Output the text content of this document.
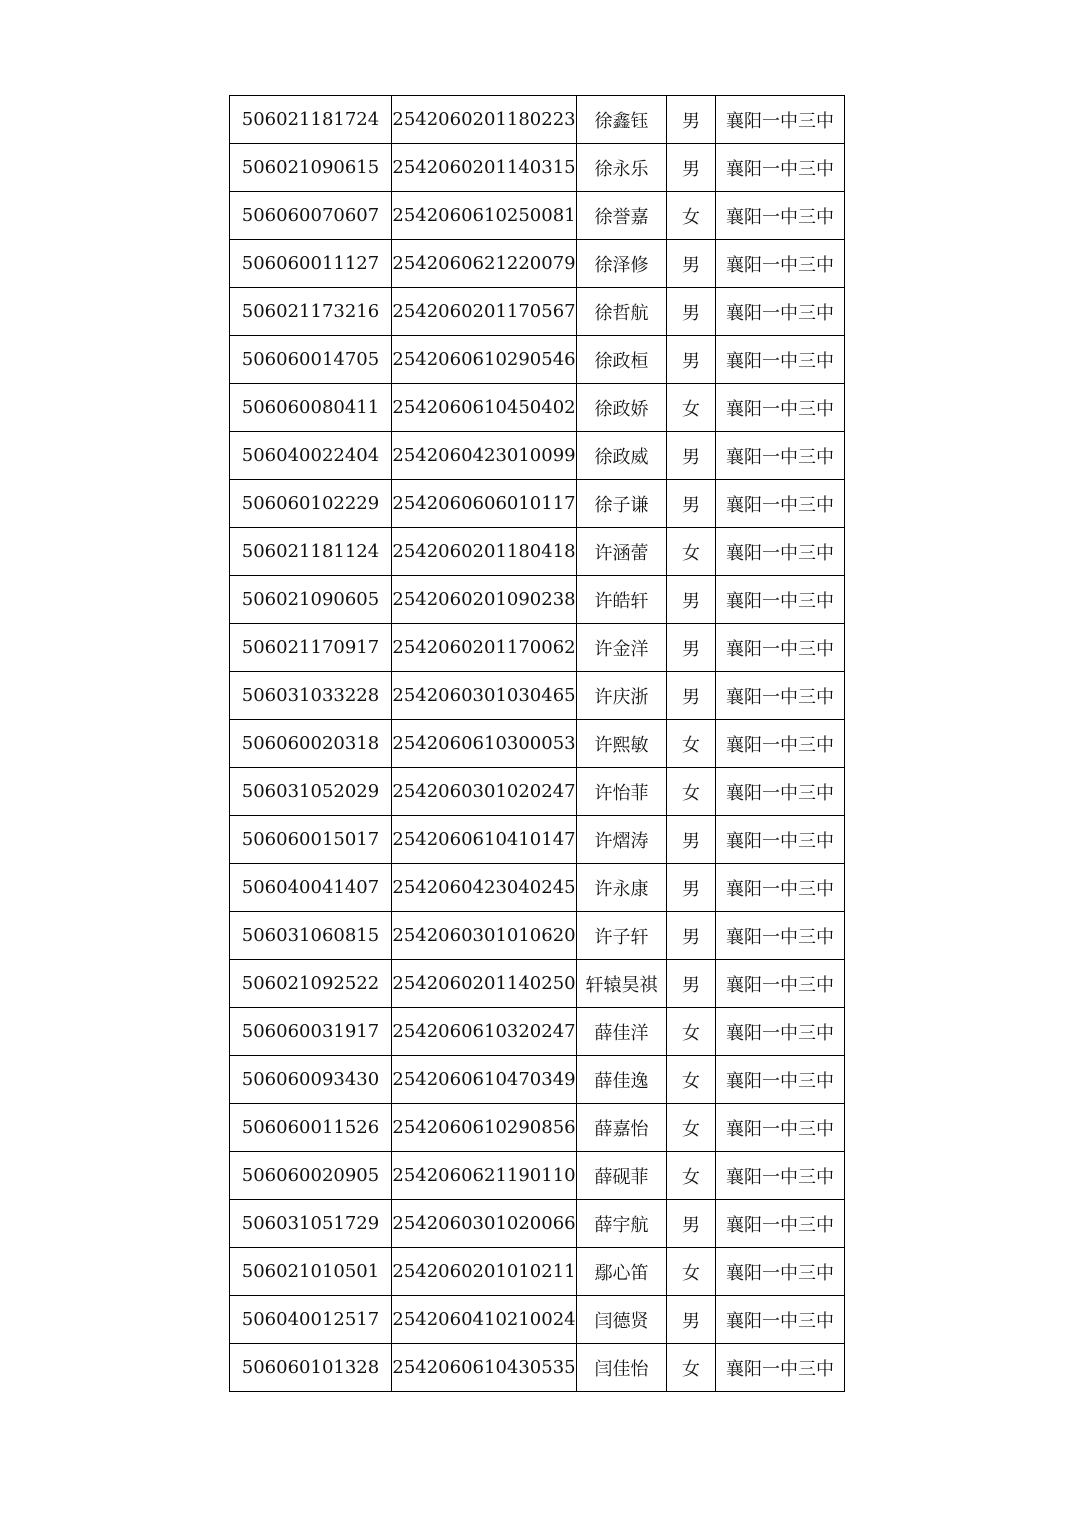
506021181724	2542060201180223	徐鑫钰	男	襄阳一中三中
506021090615	2542060201140315	徐永乐	男	襄阳一中三中
506060070607	2542060610250081	徐誉嘉	女	襄阳一中三中
506060011127	2542060621220079	徐泽修	男	襄阳一中三中
506021173216	2542060201170567	徐哲航	男	襄阳一中三中
506060014705	2542060610290546	徐政桓	男	襄阳一中三中
506060080411	2542060610450402	徐政娇	女	襄阳一中三中
506040022404	2542060423010099	徐政威	男	襄阳一中三中
506060102229	2542060606010117	徐子谦	男	襄阳一中三中
506021181124	2542060201180418	许涵蕾	女	襄阳一中三中
506021090605	2542060201090238	许皓轩	男	襄阳一中三中
506021170917	2542060201170062	许金洋	男	襄阳一中三中
506031033228	2542060301030465	许庆浙	男	襄阳一中三中
506060020318	2542060610300053	许熙敏	女	襄阳一中三中
506031052029	2542060301020247	许怡菲	女	襄阳一中三中
506060015017	2542060610410147	许熠涛	男	襄阳一中三中
506040041407	2542060423040245	许永康	男	襄阳一中三中
506031060815	2542060301010620	许子轩	男	襄阳一中三中
506021092522	2542060201140250	轩辕昊祺	男	襄阳一中三中
506060031917	2542060610320247	薛佳洋	女	襄阳一中三中
506060093430	2542060610470349	薛佳逸	女	襄阳一中三中
506060011526	2542060610290856	薛嘉怡	女	襄阳一中三中
506060020905	2542060621190110	薛砚菲	女	襄阳一中三中
506031051729	2542060301020066	薛宇航	男	襄阳一中三中
506021010501	2542060201010211	鄢心笛	女	襄阳一中三中
506040012517	2542060410210024	闫德贤	男	襄阳一中三中
506060101328	2542060610430535	闫佳怡	女	襄阳一中三中
